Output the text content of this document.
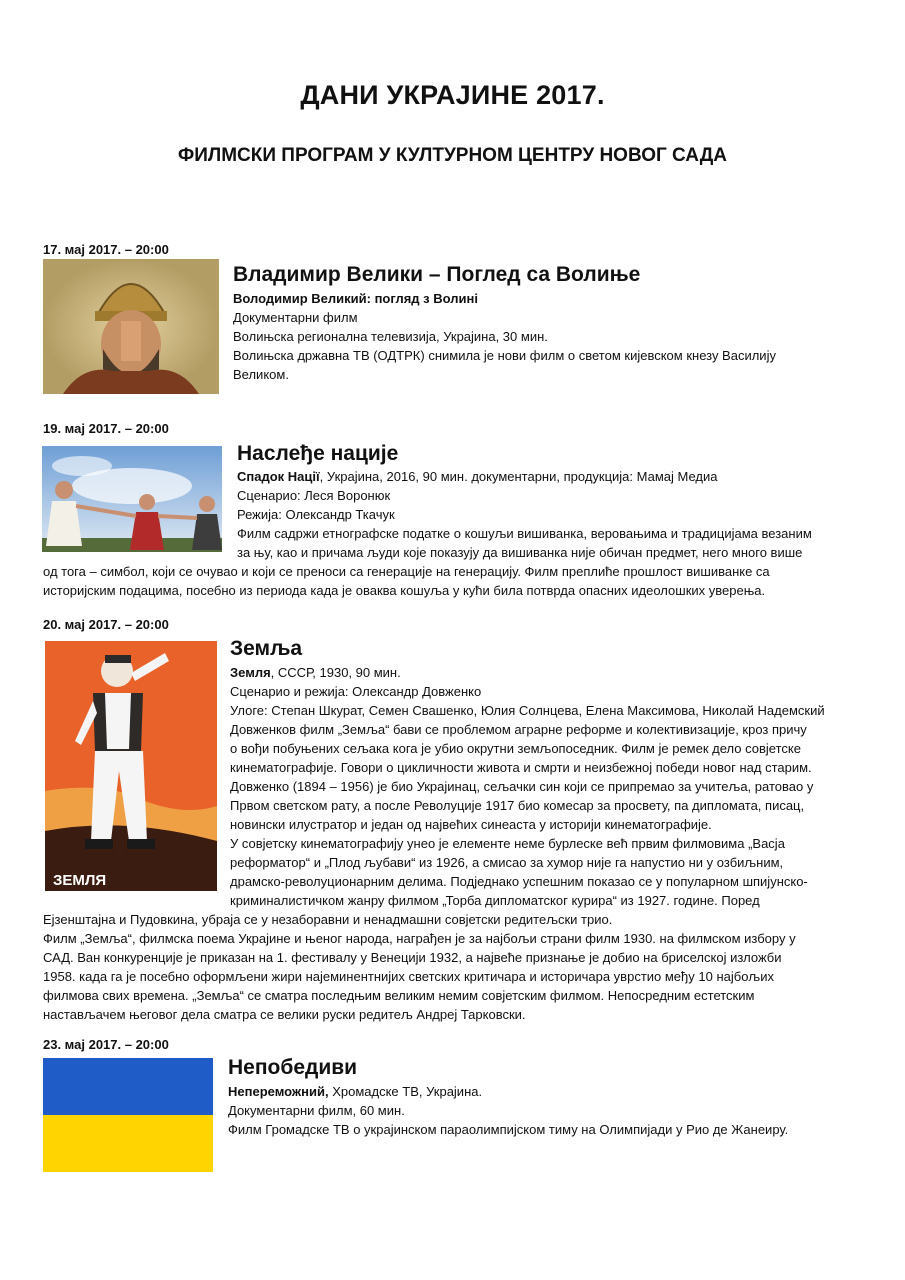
ДАНИ УКРАЈИНЕ 2017.
ФИЛМСКИ ПРОГРАМ У КУЛТУРНОМ ЦЕНТРУ НОВОГ САДА
17. мај 2017. – 20:00
Владимир Велики – Поглед са Волиње
Володимир Великий: погляд з Волині
Документарни филм
Волињска регионална телевизија, Украјина, 30 мин.
Волињска државна ТВ (ОДТРК) снимила је нови филм о светом кијевском кнезу Василију
Великом.
19. мај 2017. – 20:00
Наслеђе нације
Спадок Нації, Украјина, 2016, 90 мин. документарни, продукција: Мамај Медиа
Сценарио: Леся Воронюк
Режија: Олександр Ткачук
Филм садржи етнографске податке о кошуљи вишиванка, веровањима и традицијама везаним
за њу, као и причама људи које показују да вишиванка није обичан предмет, него много више
од тога – симбол, који се очувао и који се преноси са генерације на генерацију. Филм преплиће прошлост вишиванке са
историјским подацима, посебно из периода када је оваква кошуља у кући била потврда опасних идеолошких уверења.
20. мај 2017. – 20:00
ЗЕМЛЯ
Земља
Земля, СССР, 1930, 90 мин.
Сценарио и режија: Олександр Довженко
Улоге: Степан Шкурат, Семен Свашенко, Юлия Солнцева, Елена Максимова, Николай Надемский
Довженков филм „Земља“ бави се проблемом аграрне реформе и колективизације, кроз причу
о вођи побуњених сељака кога је убио окрутни земљопоседник. Филм је ремек дело совјетске
кинематографије. Говори о цикличности живота и смрти и неизбежној победи новог над старим.
Довженко (1894 – 1956) је био Украјинац, сељачки син који се припремао за учитеља, ратовао у
Првом светском рату, а после Револуције 1917 био комесар за просвету, па дипломата, писац,
новински илустратор и један од највећих синеаста у историји кинематографије.
У совјетску кинематографију унео је елементе неме бурлеске већ првим филмовима „Васја
реформатор“ и „Плод љубави“ из 1926, а смисао за хумор није га напустио ни у озбиљним,
драмско-револуционарним делима. Подједнако успешним показао се у популарном шпијунско-
криминалистичком жанру филмом „Торба дипломатског курира“ из 1927. године. Поред
Ејзенштајна и Пудовкина, убраја се у незаборавни и ненадмашни совјетски редитељски трио.
Филм „Земља“, филмска поема Украјине и њеног народа, награђен је за најбољи страни филм 1930. на филмском избору у
САД. Ван конкуренције је приказан на 1. фестивалу у Венецији 1932, а највеће признање је добио на бриселској изложби
1958. када га је посебно оформљени жири најеминентнијих светских критичара и историчара уврстио међу 10 најбољих
филмова свих времена. „Земља“ се сматра последњим великим немим совјетским филмом. Непосредним естетским
настављачем његовог дела сматра се велики руски редитељ Андреј Тарковски.
23. мај 2017. – 20:00
Непобедиви
Непереможний, Хромадске ТВ, Украјина.
Документарни филм, 60 мин.
Филм Громадске ТВ о украјинском параолимпијском тиму на Олимпијади у Рио де Жанеиру.
